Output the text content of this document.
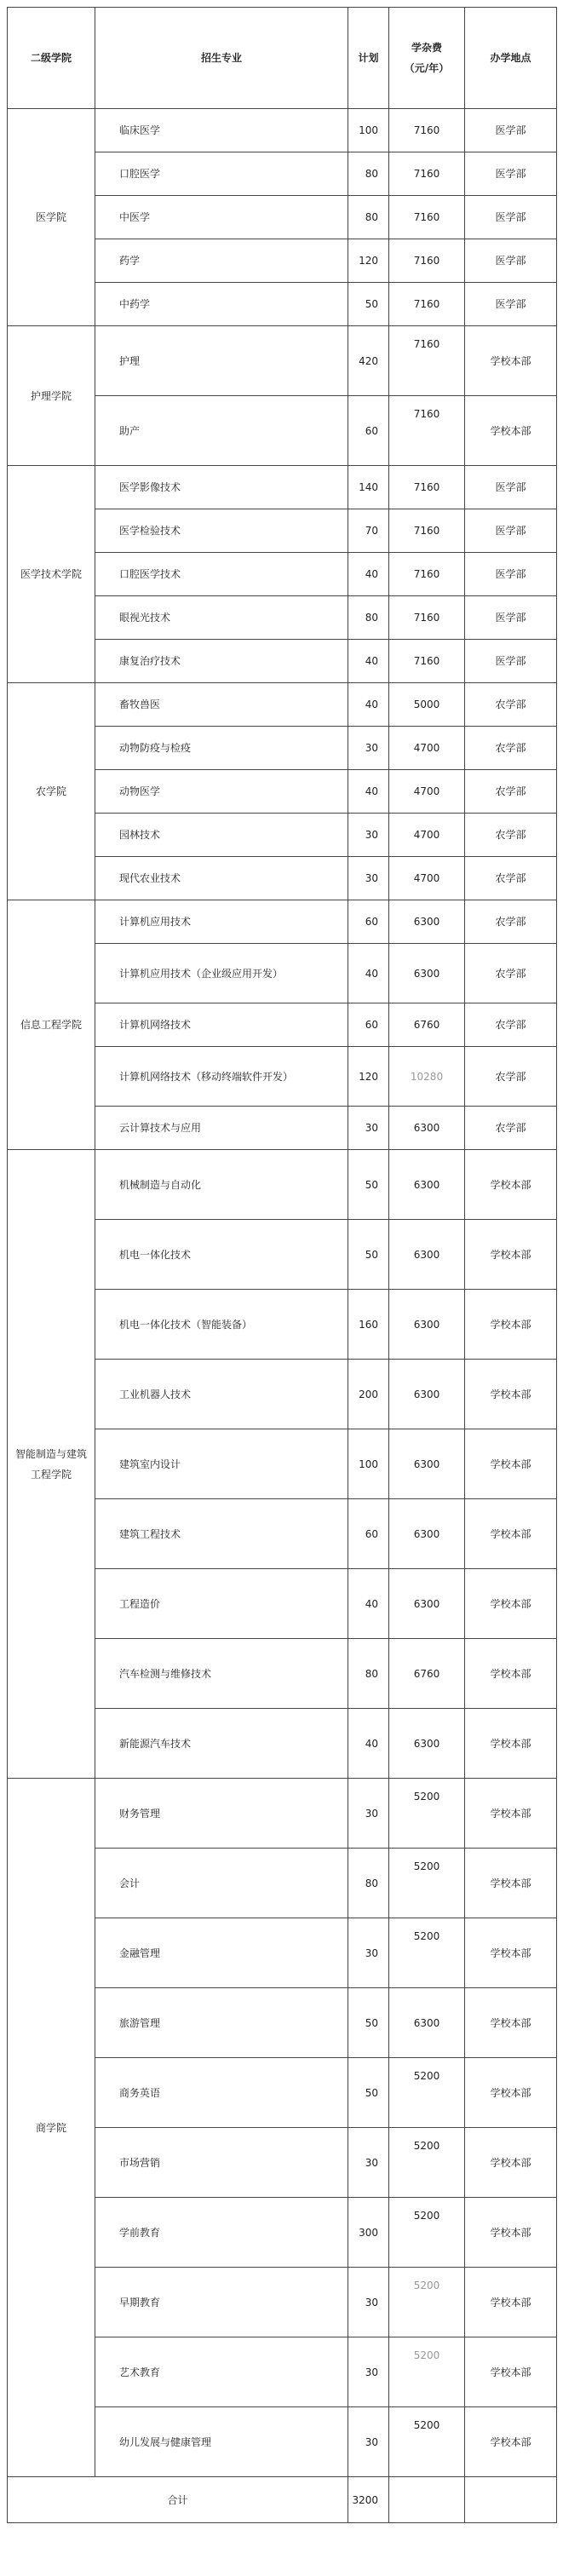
二级学院	招生专业	计划	学杂费（元/年）	办学地点
医学院	临床医学	100	7160	医学部
	口腔医学	80	7160	医学部
	中医学	80	7160	医学部
	药学	120	7160	医学部
	中药学	50	7160	医学部
护理学院	护理	420	7160	学校本部
	助产	60	7160	学校本部
医学技术学院	医学影像技术	140	7160	医学部
	医学检验技术	70	7160	医学部
	口腔医学技术	40	7160	医学部
	眼视光技术	80	7160	医学部
	康复治疗技术	40	7160	医学部
农学院	畜牧兽医	40	5000	农学部
	动物防疫与检疫	30	4700	农学部
	动物医学	40	4700	农学部
	园林技术	30	4700	农学部
	现代农业技术	30	4700	农学部
信息工程学院	计算机应用技术	60	6300	农学部
	计算机应用技术（企业级应用开发）	40	6300	农学部
	计算机网络技术	60	6760	农学部
	计算机网络技术（移动终端软件开发）	120	10280	农学部
	云计算技术与应用	30	6300	农学部
智能制造与建筑工程学院	机械制造与自动化	50	6300	学校本部
	机电一体化技术	50	6300	学校本部
	机电一体化技术（智能装备）	160	6300	学校本部
	工业机器人技术	200	6300	学校本部
	建筑室内设计	100	6300	学校本部
	建筑工程技术	60	6300	学校本部
	工程造价	40	6300	学校本部
	汽车检测与维修技术	80	6760	学校本部
	新能源汽车技术	40	6300	学校本部
商学院	财务管理	30	5200	学校本部
	会计	80	5200	学校本部
	金融管理	30	5200	学校本部
	旅游管理	50	6300	学校本部
	商务英语	50	5200	学校本部
	市场营销	30	5200	学校本部
	学前教育	300	5200	学校本部
	早期教育	30	5200	学校本部
	艺术教育	30	5200	学校本部
	幼儿发展与健康管理	30	5200	学校本部
合计		3200		
